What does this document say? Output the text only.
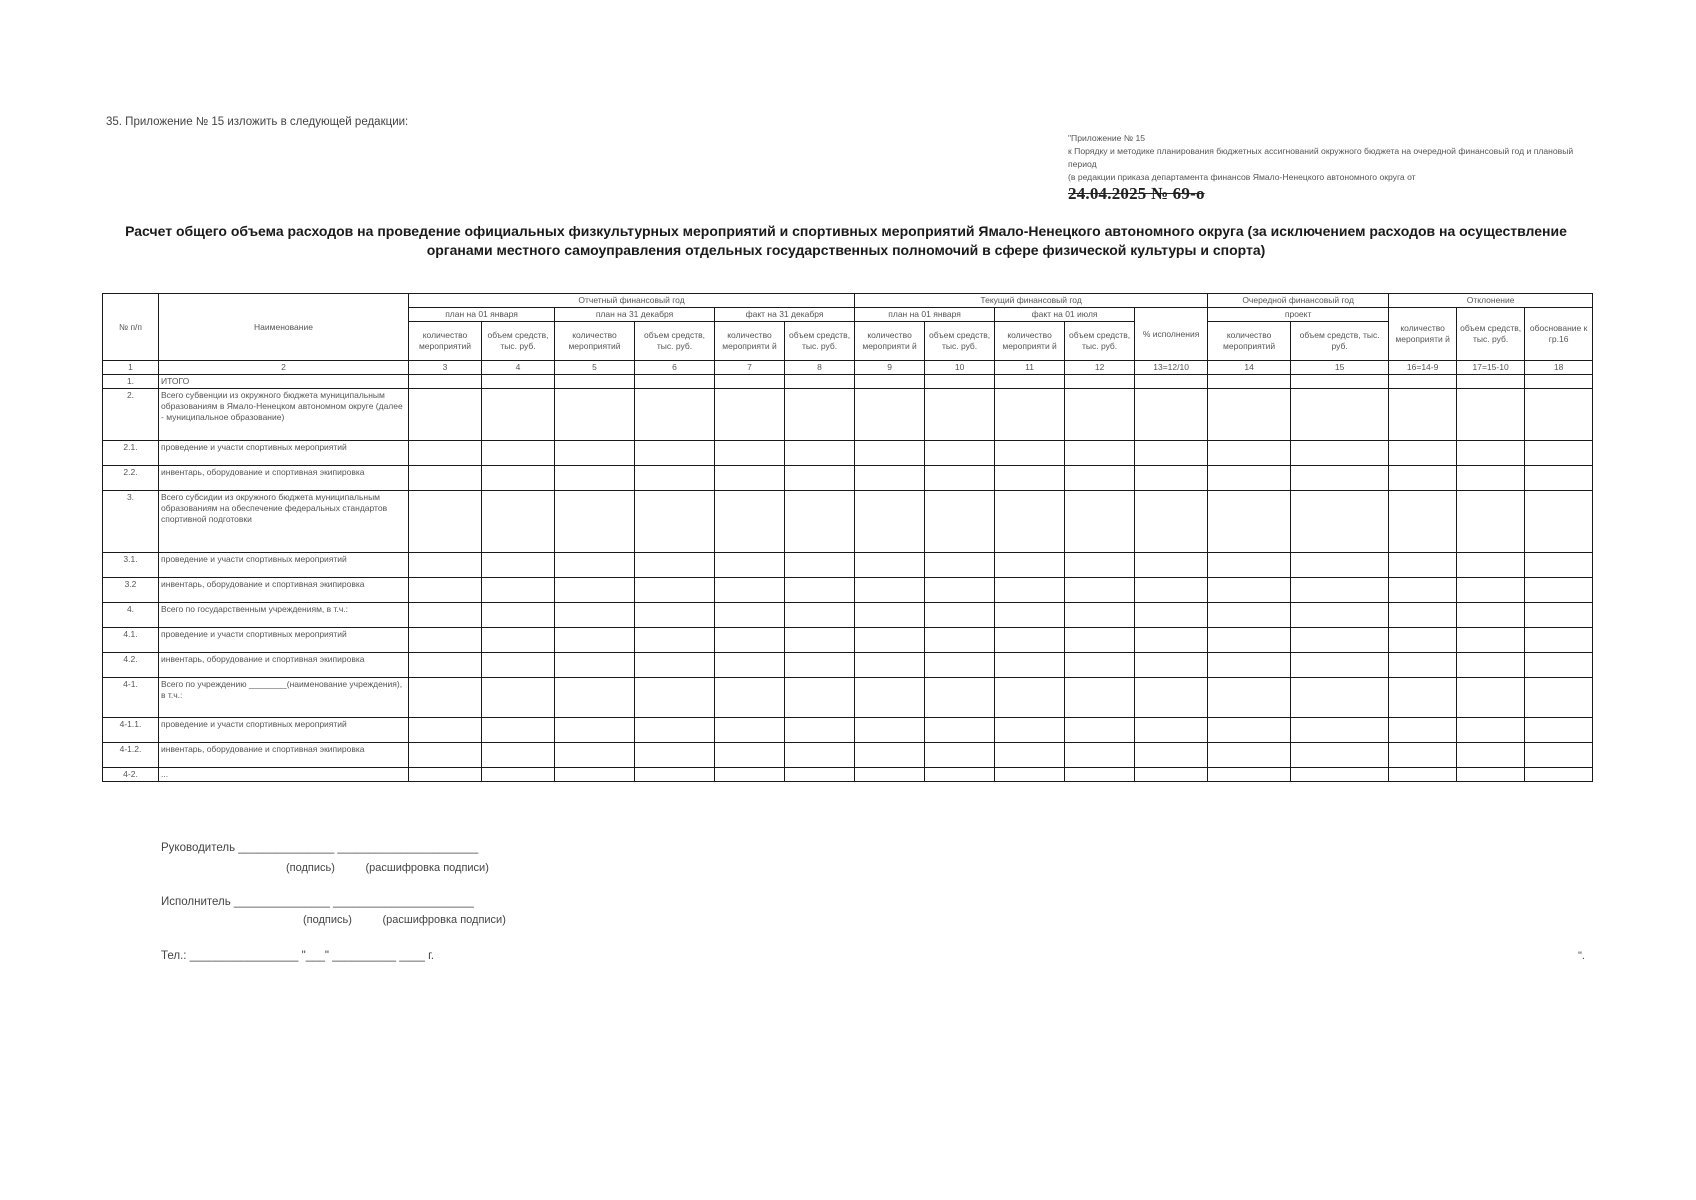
35. Приложение № 15 изложить в следующей редакции:
"Приложение № 15
к Порядку и методике планирования бюджетных ассигнований окружного бюджета на очередной финансовый год и плановый период
(в редакции приказа департамента финансов Ямало-Ненецкого автономного округа от
24.04.2025 № 69-о
Расчет общего объема расходов на проведение официальных физкультурных мероприятий и спортивных мероприятий Ямало-Ненецкого автономного округа (за исключением расходов на осуществление органами местного самоуправления отдельных государственных полномочий в сфере физической культуры и спорта)
№ п/п	Наименование	Отчетный финансовый год						Текущий финансовый год					Очередной финансовый год		Отклонение		
		план на 01 января		план на 31 декабря		факт на 31 декабря		план на 01 января		факт на 01 июля		% исполнения	проект		количество мероприяти й	объем средств, тыс. руб.	обоснование к гр.16
		количество мероприятий	объем средств, тыс. руб.	количество мероприятий	объем средств, тыс. руб.	количество мероприяти й	объем средств, тыс. руб.	количество мероприяти й	объем средств, тыс. руб.	количество мероприяти й	объем средств, тыс. руб.		количество мероприятий	объем средств, тыс. руб.			
1	2	3	4	5	6	7	8	9	10	11	12	13=12/10	14	15	16=14-9	17=15-10	18
1.	ИТОГО																
2.	Всего субвенции из окружного бюджета муниципальным образованиям в Ямало-Ненецком автономном округе (далее - муниципальное образование)																
2.1.	проведение и участи спортивных мероприятий																
2.2.	инвентарь, оборудование и спортивная экипировка																
3.	Всего субсидии из окружного бюджета муниципальным образованиям на обеспечение федеральных стандартов спортивной подготовки																
3.1.	проведение и участи спортивных мероприятий																
3.2	инвентарь, оборудование и спортивная экипировка																
4.	Всего по государственным учреждениям, в т.ч.:																
4.1.	проведение и участи спортивных мероприятий																
4.2.	инвентарь, оборудование и спортивная экипировка																
4-1.	Всего по учреждению ________(наименование учреждения), в т.ч.:																
4-1.1.	проведение и участи спортивных мероприятий																
4-1.2.	инвентарь, оборудование и спортивная экипировка																
4-2.	...																
Руководитель _______________ ______________________
(подпись)          (расшифровка подписи)
Исполнитель _______________ ______________________
(подпись)          (расшифровка подписи)
Тел.: _________________ "___" __________ ____ г.	".
